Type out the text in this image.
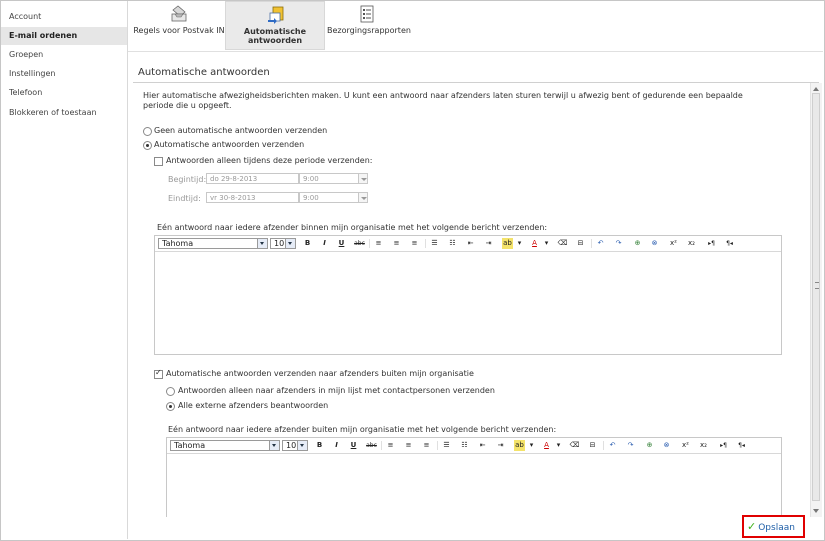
Account
E-mail ordenen
Groepen
Instellingen
Telefoon
Blokkeren of toestaan
Regels voor Postvak IN	Automatische
antwoorden
Bezorgingsrapporten
Automatische antwoorden
Hier automatische afwezigheidsberichten maken. U kunt een antwoord naar afzenders laten sturen terwijl u afwezig bent of gedurende een bepaalde periode die u opgeeft.
Geen automatische antwoorden verzenden
Automatische antwoorden verzenden
Antwoorden alleen tijdens deze periode verzenden:
Begintijd: do 29-8-2013	9:00
Eindtijd:	vr 30-8-2013	9:00
Eén antwoord naar iedere afzender binnen mijn organisatie met het volgende bericht verzenden:
Tahoma	10	B	I	U	abc	≡	≡	≡	☰	☷	⇤	⇥	ab ▾	A	▾	⌫	⊟	↶	↷	⊕	⊗	x² x₂	▸¶	¶◂
✓
Automatische antwoorden verzenden naar afzenders buiten mijn organisatie
Antwoorden alleen naar afzenders in mijn lijst met contactpersonen verzenden
Alle externe afzenders beantwoorden
Eén antwoord naar iedere afzender buiten mijn organisatie met het volgende bericht verzenden:
Tahoma	10	B	I	U	abc	≡	≡	≡	☰	☷	⇤	⇥	ab ▾	A	▾	⌫	⊟	↶	↷	⊕	⊗	x² x₂	▸¶	¶◂
✓ Opslaan
